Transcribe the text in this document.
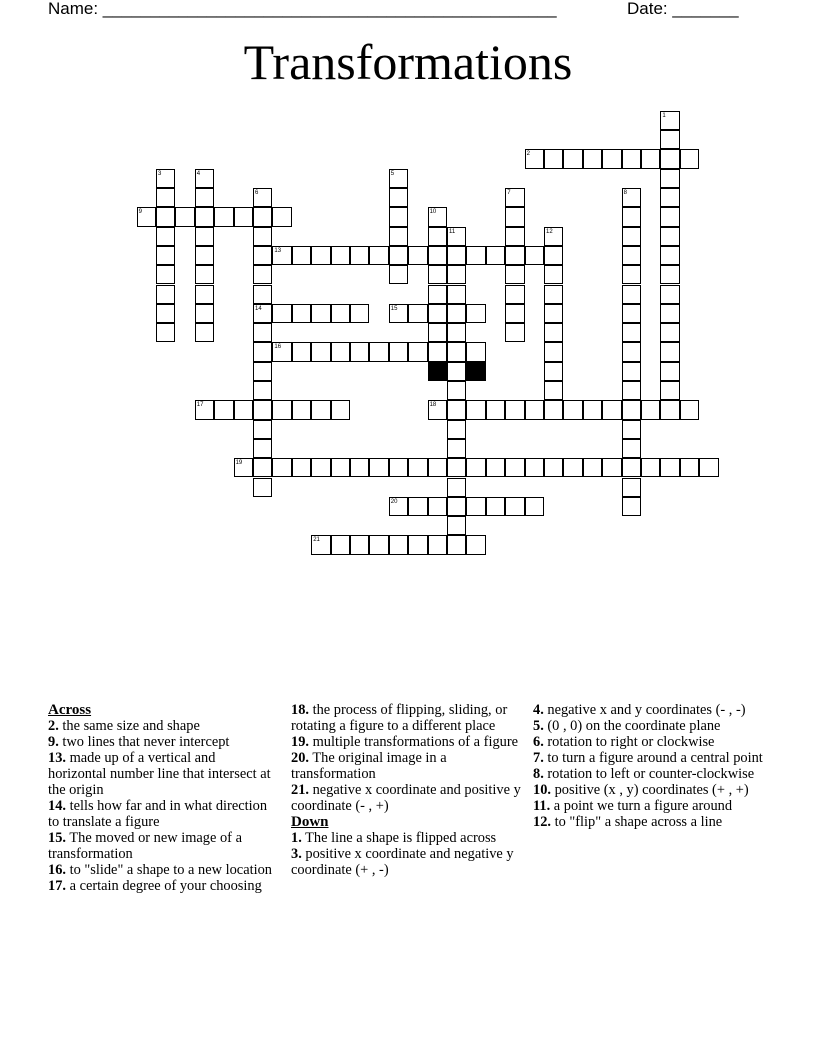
Name: ________________________________________________	Date: _______
Transformations
1
2
3	4	5
6
14
7	8
9	10
11	12
13
15
16
17	18
19
20
21
Across
2. the same size and shape
9. two lines that never intercept
13. made up of a vertical and horizontal number line that intersect at the origin
14. tells how far and in what direction to translate a figure
15. The moved or new image of a transformation
16. to "slide" a shape to a new location
17. a certain degree of your choosing
18. the process of flipping, sliding, or rotating a figure to a different place
19. multiple transformations of a figure
20. The original image in a transformation
21. negative x coordinate and positive y coordinate (- , +)
Down
1. The line a shape is flipped across
3. positive x coordinate and negative y coordinate (+ , -)
4. negative x and y coordinates (- , -)
5. (0 , 0) on the coordinate plane
6. rotation to right or clockwise
7. to turn a figure around a central point
8. rotation to left or counter-clockwise
10. positive (x , y) coordinates (+ , +)
11. a point we turn a figure around
12. to "flip" a shape across a line
